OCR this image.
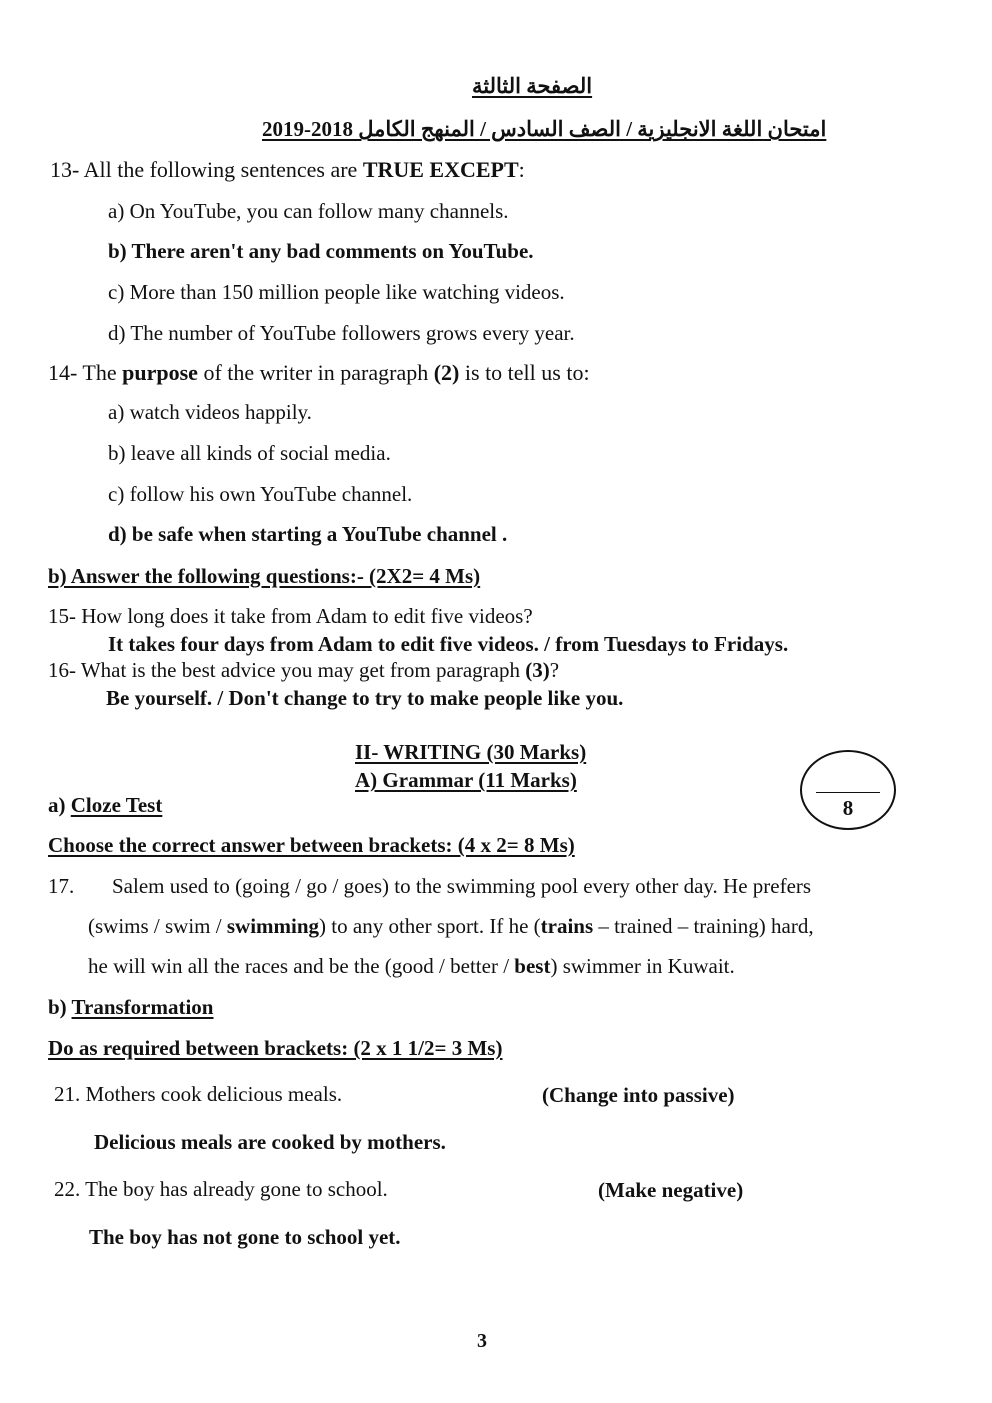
الصفحة الثالثة
امتحان اللغة الانجليزية / الصف السادس / المنهج الكامل 2018-2019
13- All the following sentences are TRUE EXCEPT:
a) On YouTube, you can follow many channels.
b) There aren't any bad comments on YouTube.
c) More than 150 million people like watching videos.
d) The number of YouTube followers grows every year.
14- The purpose of the writer in paragraph (2) is to tell us to:
a) watch videos happily.
b) leave all kinds of social media.
c) follow his own YouTube channel.
d) be safe when starting a YouTube channel .
b) Answer the following questions:- (2X2= 4 Ms)
15- How long does it take from Adam to edit five videos?
It takes four days from Adam to edit five videos. / from Tuesdays to Fridays.
16- What is the best advice you may get from paragraph (3)?
Be yourself. / Don't change to try to make people like you.
II- WRITING (30 Marks)
A) Grammar (11 Marks)
8
a) Cloze Test
Choose the correct answer between brackets: (4 x 2= 8 Ms)
17. Salem used to (going / go / goes) to the swimming pool every other day. He prefers
(swims / swim / swimming) to any other sport. If he (trains – trained – training) hard,
he will win all the races and be the (good / better / best) swimmer in Kuwait.
b) Transformation
Do as required between brackets: (2 x 1 1/2= 3 Ms)
21. Mothers cook delicious meals.	(Change into passive)
Delicious meals are cooked by mothers.
22. The boy has already gone to school.	(Make negative)
The boy has not gone to school yet.
3
